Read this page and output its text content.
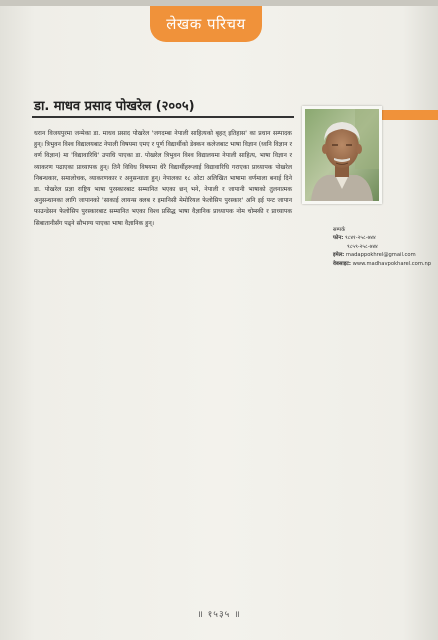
लेखक परिचय
डा. माधव प्रसाद पोखरेल (२००५)

धरान विजयपुरमा जन्मेका डा. माधव प्रसाद पोखरेल 'जगदम्बा नेपाली साहित्यको बृहत् इतिहास' का प्रधान सम्पादक हुन्। त्रिभुवन विश्व विद्यालयबाट नेपाली विषयमा एमए र पूर्ण विद्यार्थीको डेक्कन कलेजबाट भाषा विज्ञान (ध्वनि विज्ञान र वर्ण विज्ञान) मा 'विद्यावारिधि' उपाधि पाएका डा. पोखरेल त्रिभुवन विश्व विद्यालयमा नेपाली साहित्य, भाषा विज्ञान र व्याकरण पढाएका प्राध्यापक हुन्। तिनै विविध विषयमा धेरै विद्यार्थीहरूलाई विद्यावारिधि गराएका प्राध्यापक पोखरेल निबन्धकार, समालोचक, व्याकरणकार र अनुसन्धाता हुन्। नेपालका १८ ओटा अलिखित भाषामा वर्णमाला बनाई दिने डा. पोखरेल प्रज्ञा राष्ट्रिय भाषा पुरस्कारबाट सम्मानित भएका छन् भने, नेपाली र जापानी भाषाको तुलनात्मक अनुसन्धानका लागि जापानको 'साकाई लायन्स क्लब र इमानिसी मेमोरियल फेलोसिप पुरस्कार' अनि इई पन्ट जापान फाउन्डेसन फेलोसिप पुरस्कारबाट सम्मानित भएका विश्व प्रसिद्ध भाषा वैज्ञानिक प्राध्यापक नोम चोम्स्की र प्राध्यापक सिबातानीसँग पढ्ने सौभाग्य पाएका भाषा वैज्ञानिक हुन्।

सम्पर्क
फोन: ९८४१-२५८-७४४
९८५९-२५८-७४४
इमेल: madappokhrel@gmail.com
वेबसाइट: www.madhavpokharel.com.np
॥ १५३५ ॥
